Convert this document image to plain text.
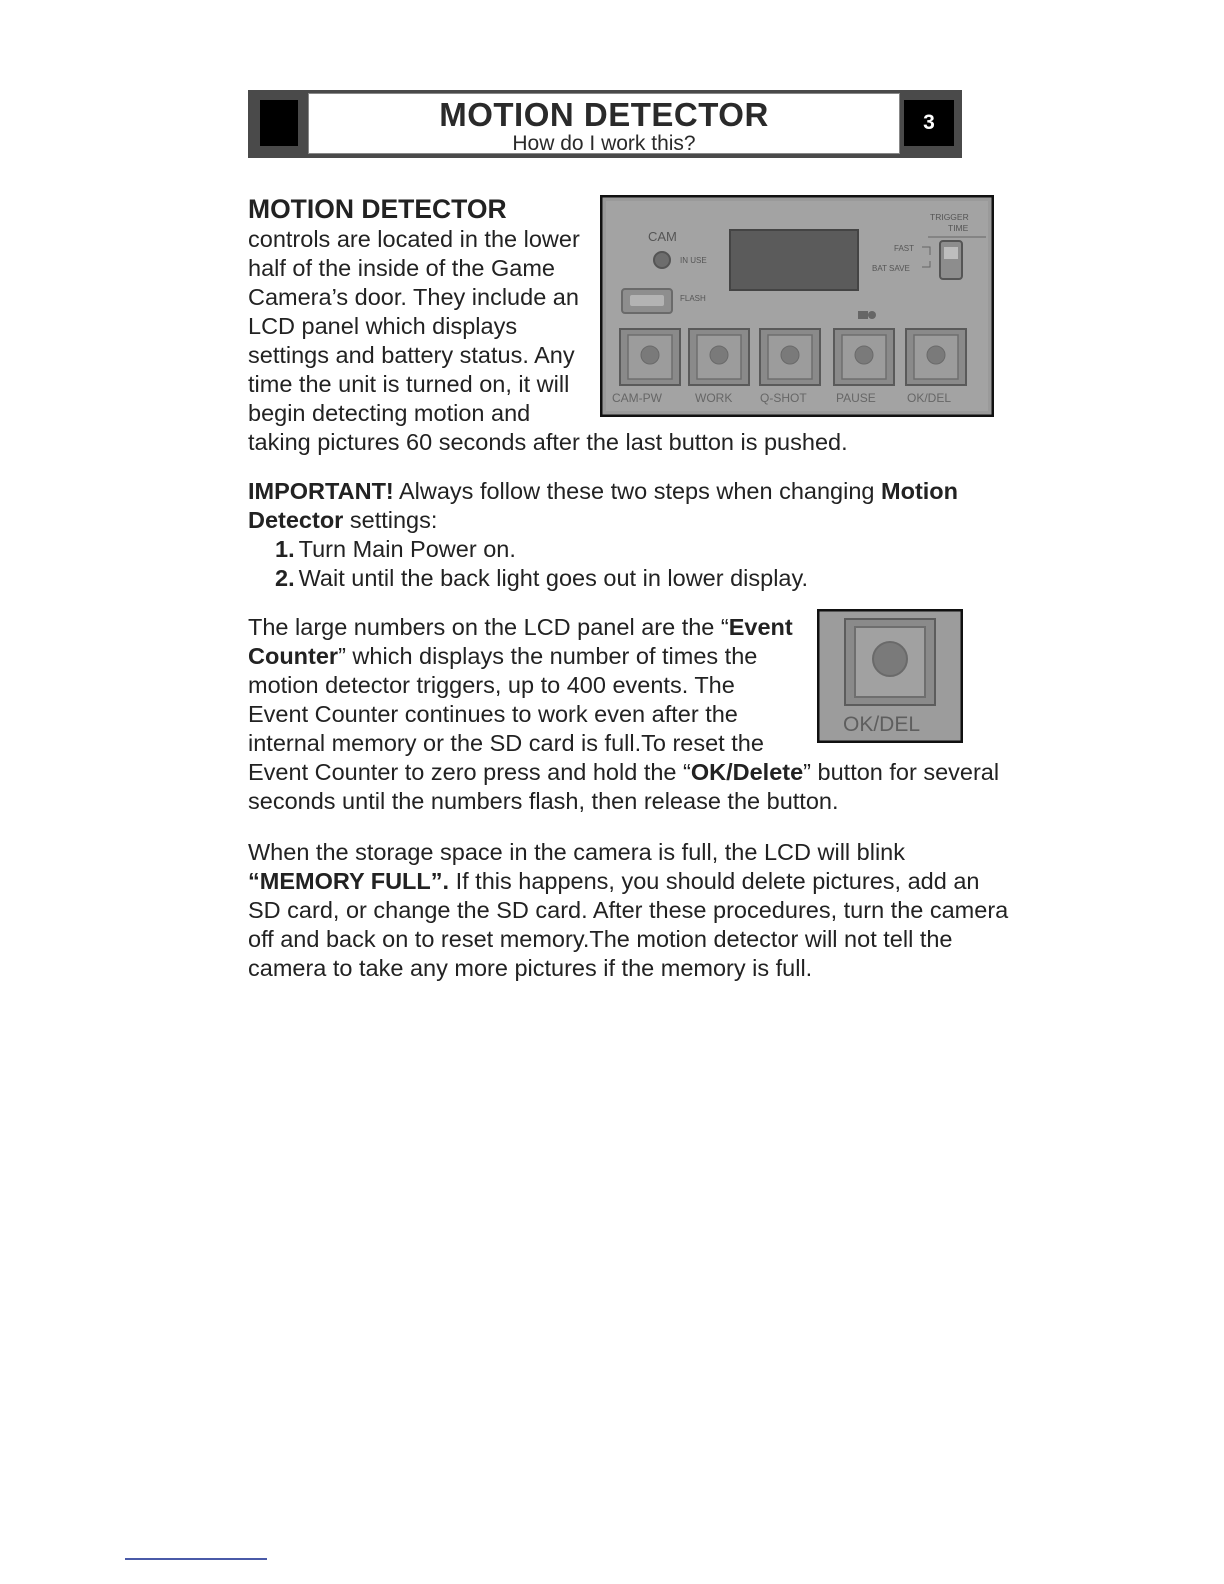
MOTION DETECTOR
How do I work this?
3
CAM
IN USE
FLASH
TRIGGER
TIME
FAST
BAT SAVE
CAM-PW	WORK Q-SHOT PAUSE	OK/DEL

MOTION DETECTOR
controls are located in the lower half of the inside of the Game Camera’s door. They include an LCD panel which displays settings and battery status. Any time the unit is turned on, it will begin detecting motion and taking pictures 60 seconds after the last button is pushed.

IMPORTANT! Always follow these two steps when changing Motion Detector settings:

1. Turn Main Power on.
2. Wait until the back light goes out in lower display.
OK/DEL

The large numbers on the LCD panel are the “Event Counter” which displays the number of times the motion detector triggers, up to 400 events. The Event Counter continues to work even after the internal memory or the SD card is full.To reset the Event Counter to zero press and hold the “OK/Delete” button for several seconds until the numbers flash, then release the button.

When the storage space in the camera is full, the LCD will blink “MEMORY FULL”. If this happens, you should delete pictures, add an SD card, or change the SD card. After these procedures, turn the camera off and back on to reset memory.The motion detector will not tell the camera to take any more pictures if the memory is full.
